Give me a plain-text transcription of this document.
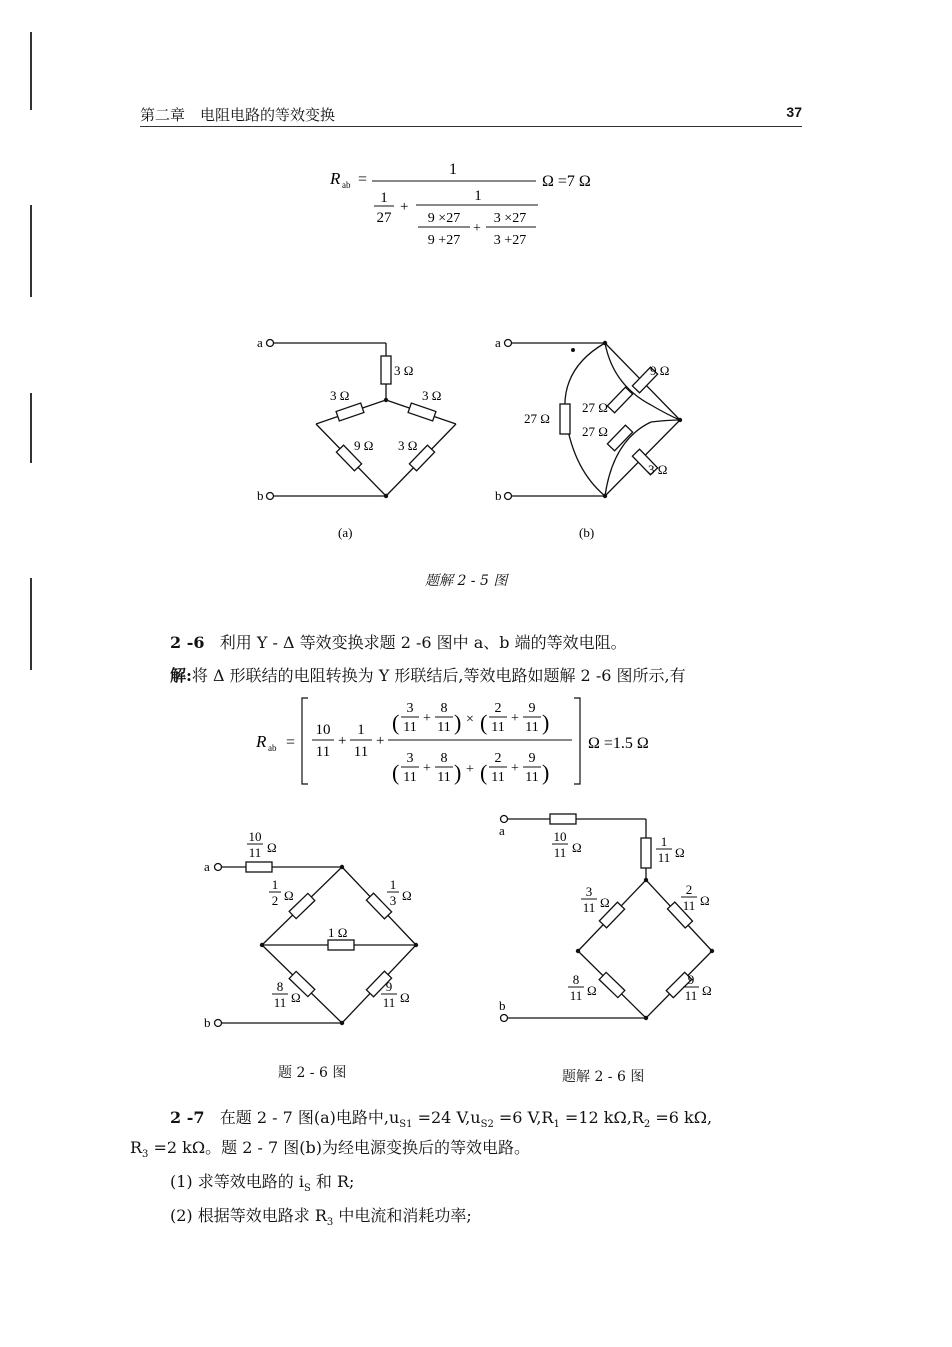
第二章　电阻电路的等效变换	37
R ab =
1
1
27
+
1
9 ×27
9 +27
+
3 ×27
3 +27
Ω =7 Ω
a
b
3 Ω
3 Ω	3 Ω
9 Ω 3 Ω
(a)
a
b
27 Ω
27 Ω
27 Ω
9 Ω
3 Ω
(b)
题解 2 - 5 图
2 -6 利用 Y - Δ 等效变换求题 2 -6 图中 a、b 端的等效电阻。
解:将 Δ 形联结的电阻转换为 Y 形联结后,等效电路如题解 2 -6 图所示,有
R ab =
10
11
+
1
11
+
(
3
11
+
8
11 ) × (
2
11
+
9
11 )
(
3
11
+
8
11 ) + (
2
11
+
9
11 )
Ω =1.5 Ω
a
b
10
11 Ω
1
2 Ω
1
3 Ω
1 Ω
8
11 Ω
9
11 Ω
题 2 - 6 图
a
b
10
11 Ω	1
11 Ω
3
11 Ω
2
11 Ω
8
11 Ω
9
11 Ω
题解 2 - 6 图
2 -7 在题 2 - 7 图(a)电路中$,u_{S1} =24$ $V,u_{S2} =6$ $V,R_1 =12$ $k\Omega,R_2 =6$ kΩ,
$R_3 =2$ kΩ。题 2 - 7 图(b)为经电源变换后的等效电路。
(1) 求等效电路的 $i_S$ 和 R;
(2) 根据等效电路求 $R_3$ 中电流和消耗功率;
